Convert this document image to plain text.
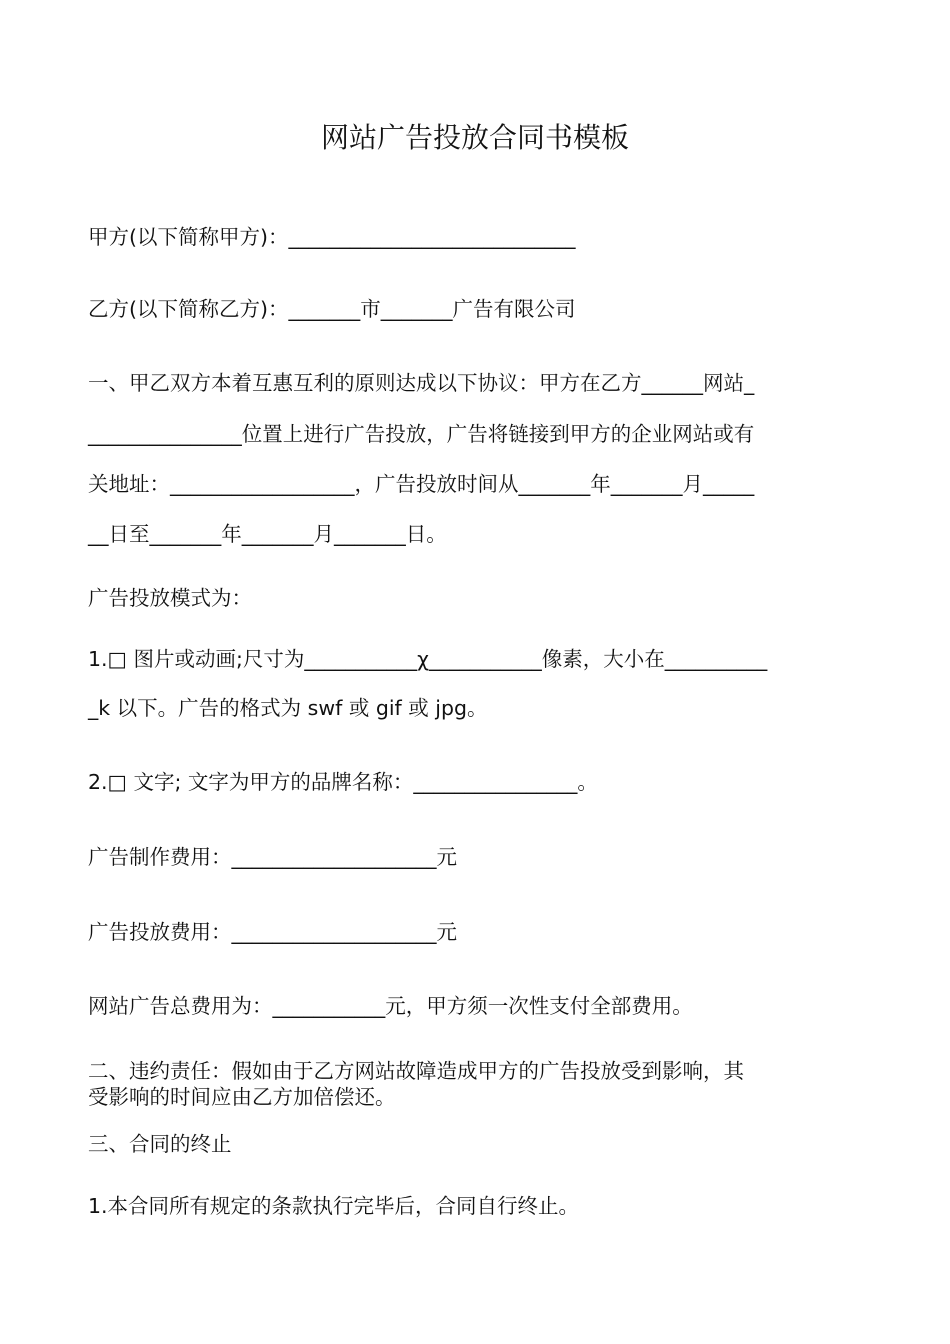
网站广告投放合同书模板

甲方(以下简称甲方)：____________________________

乙方(以下简称乙方)：_______市_______广告有限公司

一、甲乙双方本着互惠互利的原则达成以下协议：甲方在乙方______网站_

_______________位置上进行广告投放，广告将链接到甲方的企业网站或有

关地址：__________________，广告投放时间从_______年_______月_____

__日至_______年_______月_______日。

广告投放模式为：

1.□ 图片或动画;尺寸为___________χ___________像素，大小在__________

_k 以下。广告的格式为 swf 或 gif 或 jpg。

2.□ 文字; 文字为甲方的品牌名称：________________。

广告制作费用：____________________元

广告投放费用：____________________元

网站广告总费用为：___________元，甲方须一次性支付全部费用。

二、违约责任：假如由于乙方网站故障造成甲方的广告投放受到影响，其

受影响的时间应由乙方加倍偿还。

三、合同的终止

1.本合同所有规定的条款执行完毕后，合同自行终止。
